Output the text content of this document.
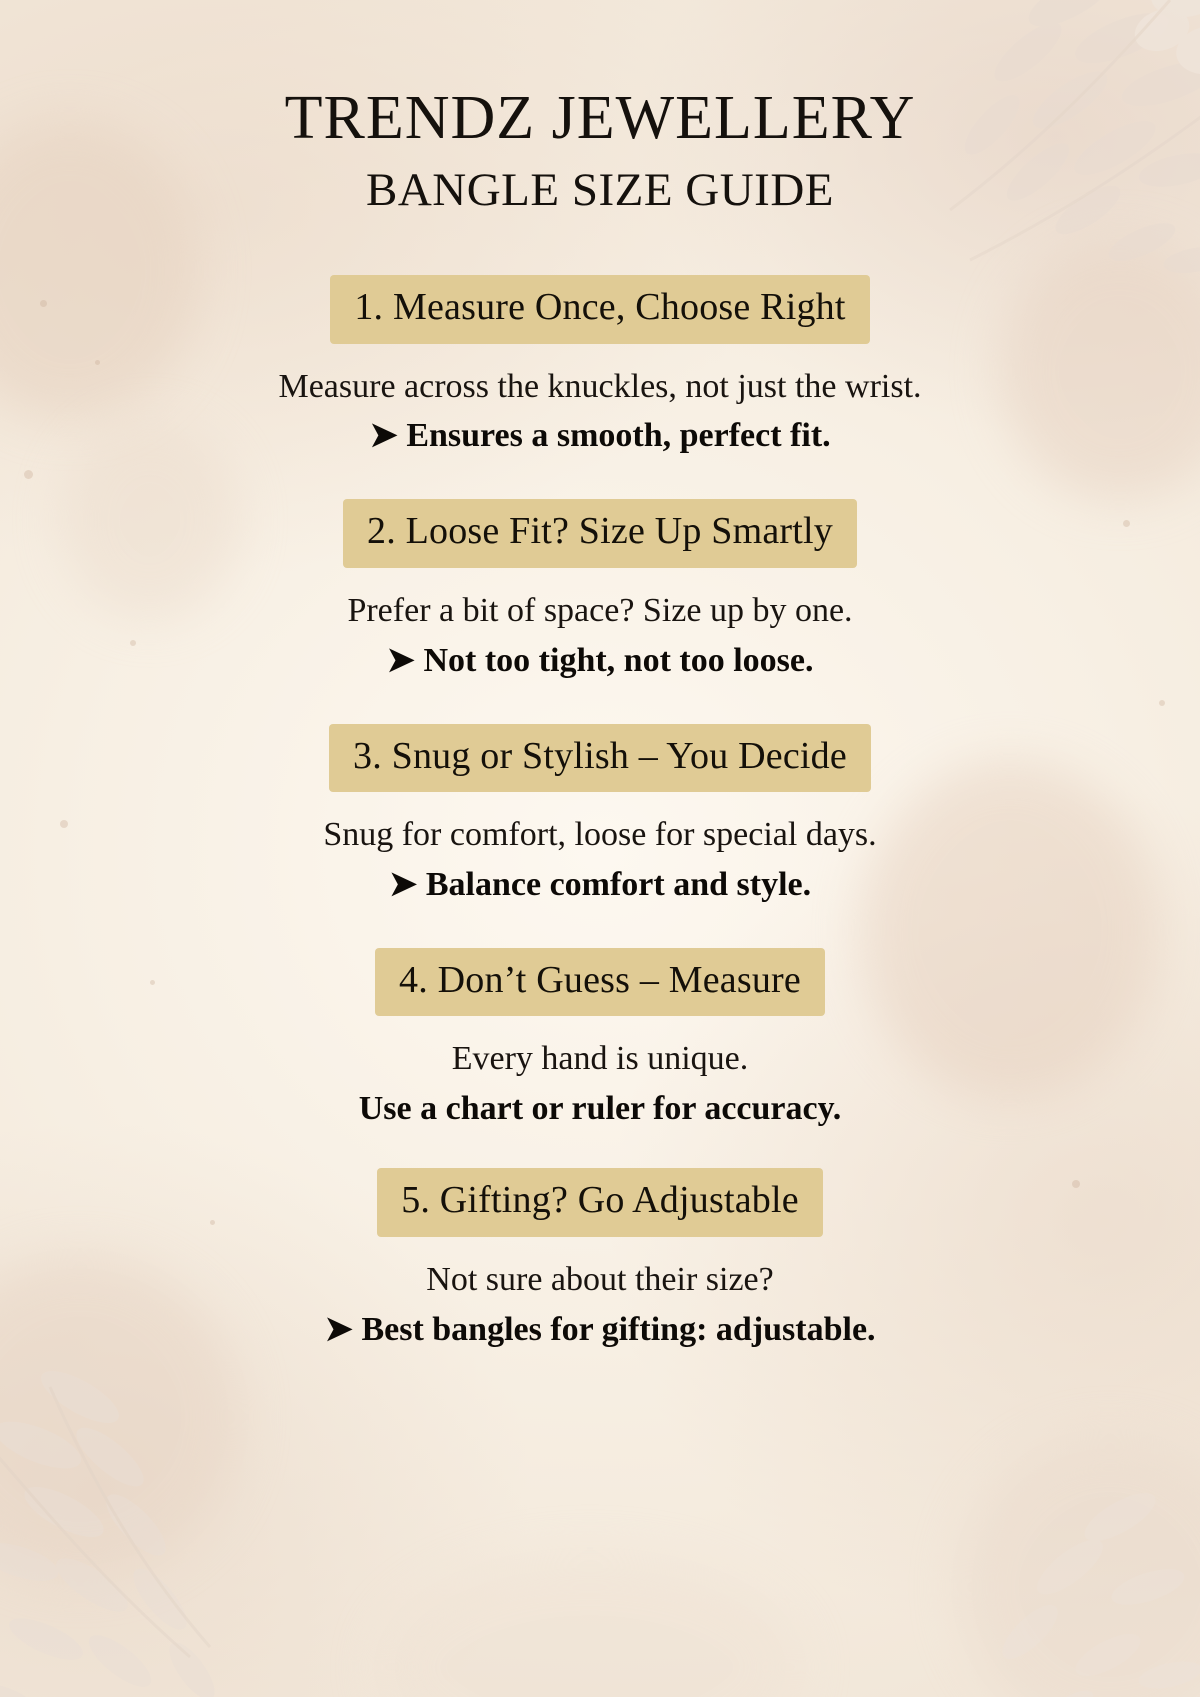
TRENDZ JEWELLERY
BANGLE SIZE GUIDE
1. Measure Once, Choose Right

Measure across the knuckles, not just the wrist.

➤ Ensures a smooth, perfect fit.

2. Loose Fit? Size Up Smartly

Prefer a bit of space? Size up by one.

➤ Not too tight, not too loose.

3. Snug or Stylish – You Decide

Snug for comfort, loose for special days.

➤ Balance comfort and style.

4. Don’t Guess – Measure

Every hand is unique.

Use a chart or ruler for accuracy.

5. Gifting? Go Adjustable

Not sure about their size?

➤ Best bangles for gifting: adjustable.
